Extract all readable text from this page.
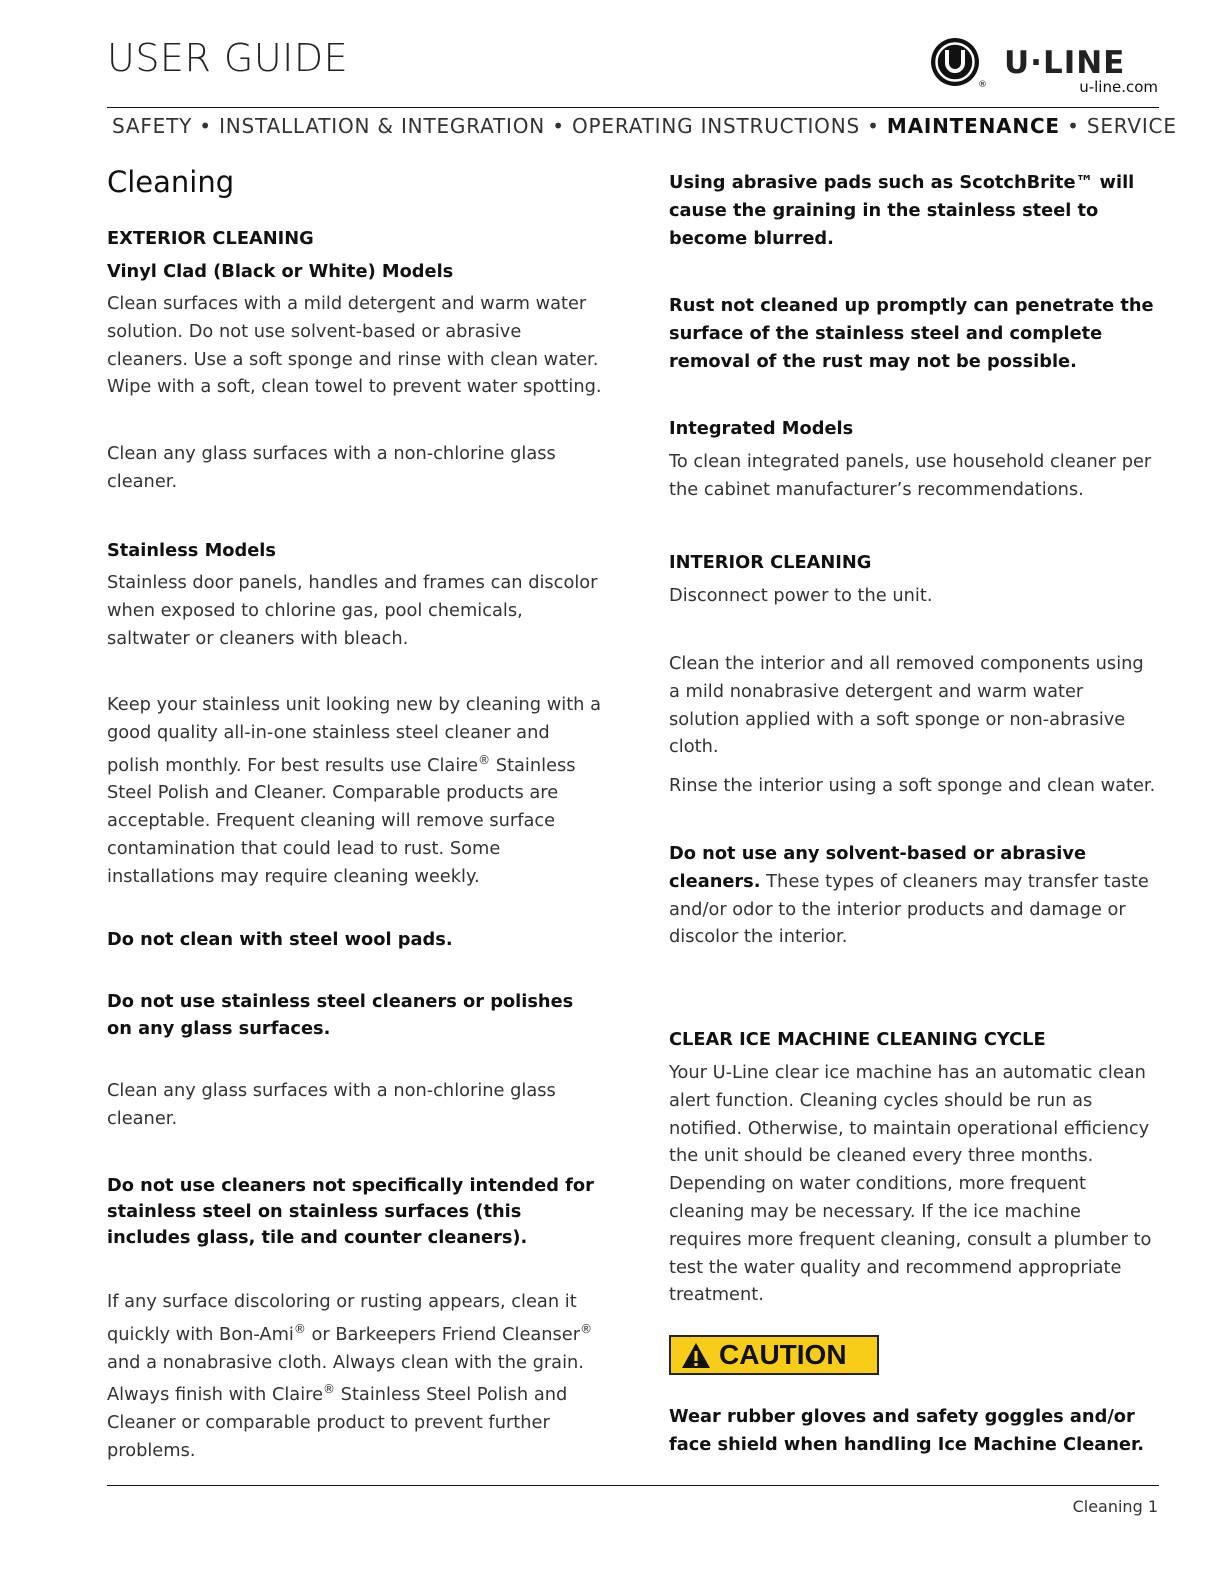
USER GUIDE
®
U·LINE
u-line.com
SAFETY • INSTALLATION & INTEGRATION • OPERATING INSTRUCTIONS • MAINTENANCE • SERVICE

Cleaning

EXTERIOR CLEANING

Vinyl Clad (Black or White) Models

Clean surfaces with a mild detergent and warm water solution. Do not use solvent-based or abrasive cleaners. Use a soft sponge and rinse with clean water. Wipe with a soft, clean towel to prevent water spotting.

Clean any glass surfaces with a non-chlorine glass cleaner.

Stainless Models

Stainless door panels, handles and frames can discolor when exposed to chlorine gas, pool chemicals, saltwater or cleaners with bleach.

Keep your stainless unit looking new by cleaning with a good quality all-in-one stainless steel cleaner and polish monthly. For best results use Claire® Stainless Steel Polish and Cleaner. Comparable products are acceptable. Frequent cleaning will remove surface contamination that could lead to rust. Some installations may require cleaning weekly.

Do not clean with steel wool pads.

Do not use stainless steel cleaners or polishes on any glass surfaces.

Clean any glass surfaces with a non-chlorine glass cleaner.

Do not use cleaners not specifically intended for stainless steel on stainless surfaces (this includes glass, tile and counter cleaners).

If any surface discoloring or rusting appears, clean it quickly with Bon-Ami® or Barkeepers Friend Cleanser® and a nonabrasive cloth. Always clean with the grain. Always finish with Claire® Stainless Steel Polish and Cleaner or comparable product to prevent further problems.

Using abrasive pads such as ScotchBrite™ will cause the graining in the stainless steel to become blurred.

Rust not cleaned up promptly can penetrate the surface of the stainless steel and complete removal of the rust may not be possible.

Integrated Models

To clean integrated panels, use household cleaner per the cabinet manufacturer’s recommendations.

INTERIOR CLEANING

Disconnect power to the unit.

Clean the interior and all removed components using a mild nonabrasive detergent and warm water solution applied with a soft sponge or non-abrasive cloth.

Rinse the interior using a soft sponge and clean water.

Do not use any solvent-based or abrasive cleaners. These types of cleaners may transfer taste and/or odor to the interior products and damage or discolor the interior.

CLEAR ICE MACHINE CLEANING CYCLE

Your U-Line clear ice machine has an automatic clean alert function. Cleaning cycles should be run as notified. Otherwise, to maintain operational efficiency the unit should be cleaned every three months. Depending on water conditions, more frequent cleaning may be necessary. If the ice machine requires more frequent cleaning, consult a plumber to test the water quality and recommend appropriate treatment.

CAUTION

Wear rubber gloves and safety goggles and/or face shield when handling Ice Machine Cleaner.

Cleaning 1
